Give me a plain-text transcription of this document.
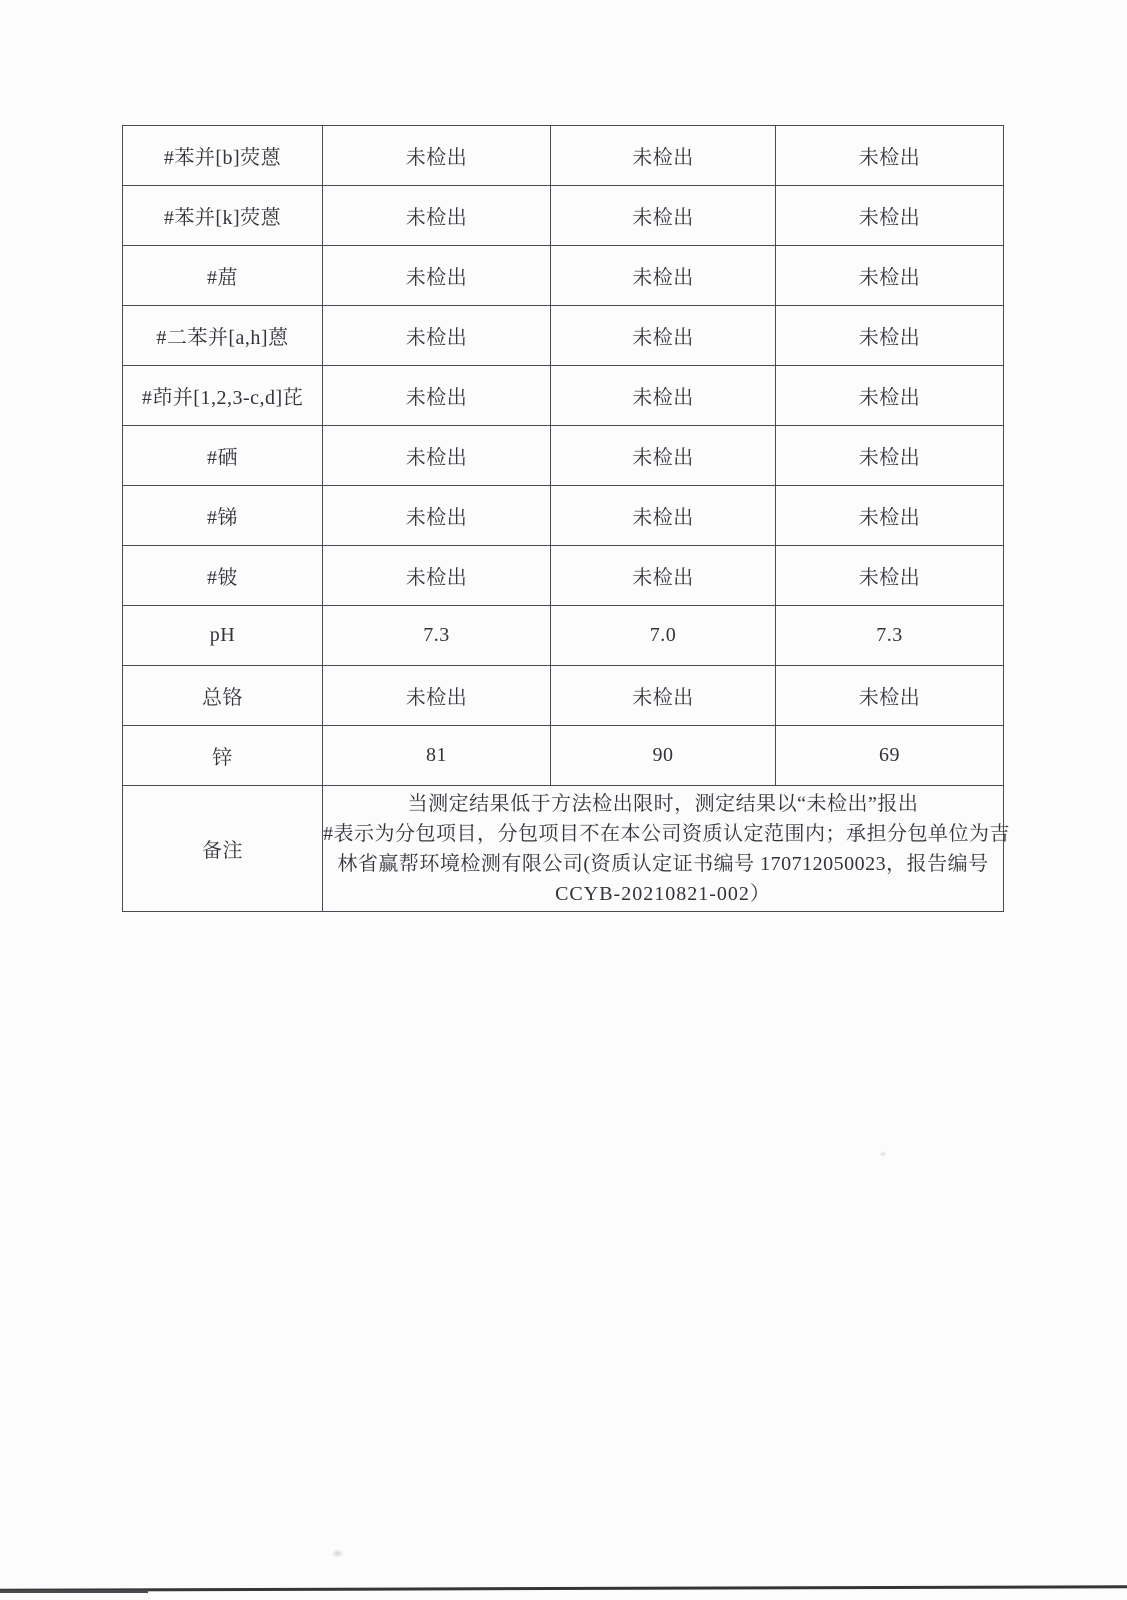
#苯并[b]荧蒽	未检出	未检出	未检出
#苯并[k]荧蒽	未检出	未检出	未检出
#䓛	未检出	未检出	未检出
#二苯并[a,h]蒽	未检出	未检出	未检出
#茚并[1,2,3-c,d]芘	未检出	未检出	未检出
#硒	未检出	未检出	未检出
#锑	未检出	未检出	未检出
#铍	未检出	未检出	未检出
pH	7.3	7.0	7.3
总铬	未检出	未检出	未检出
锌	81	90	69
备注	当测定结果低于方法检出限时，测定结果以“未检出”报出
#表示为分包项目，分包项目不在本公司资质认定范围内；承担分包单位为吉
林省赢帮环境检测有限公司(资质认定证书编号 170712050023，报告编号
CCYB-20210821-002）		
